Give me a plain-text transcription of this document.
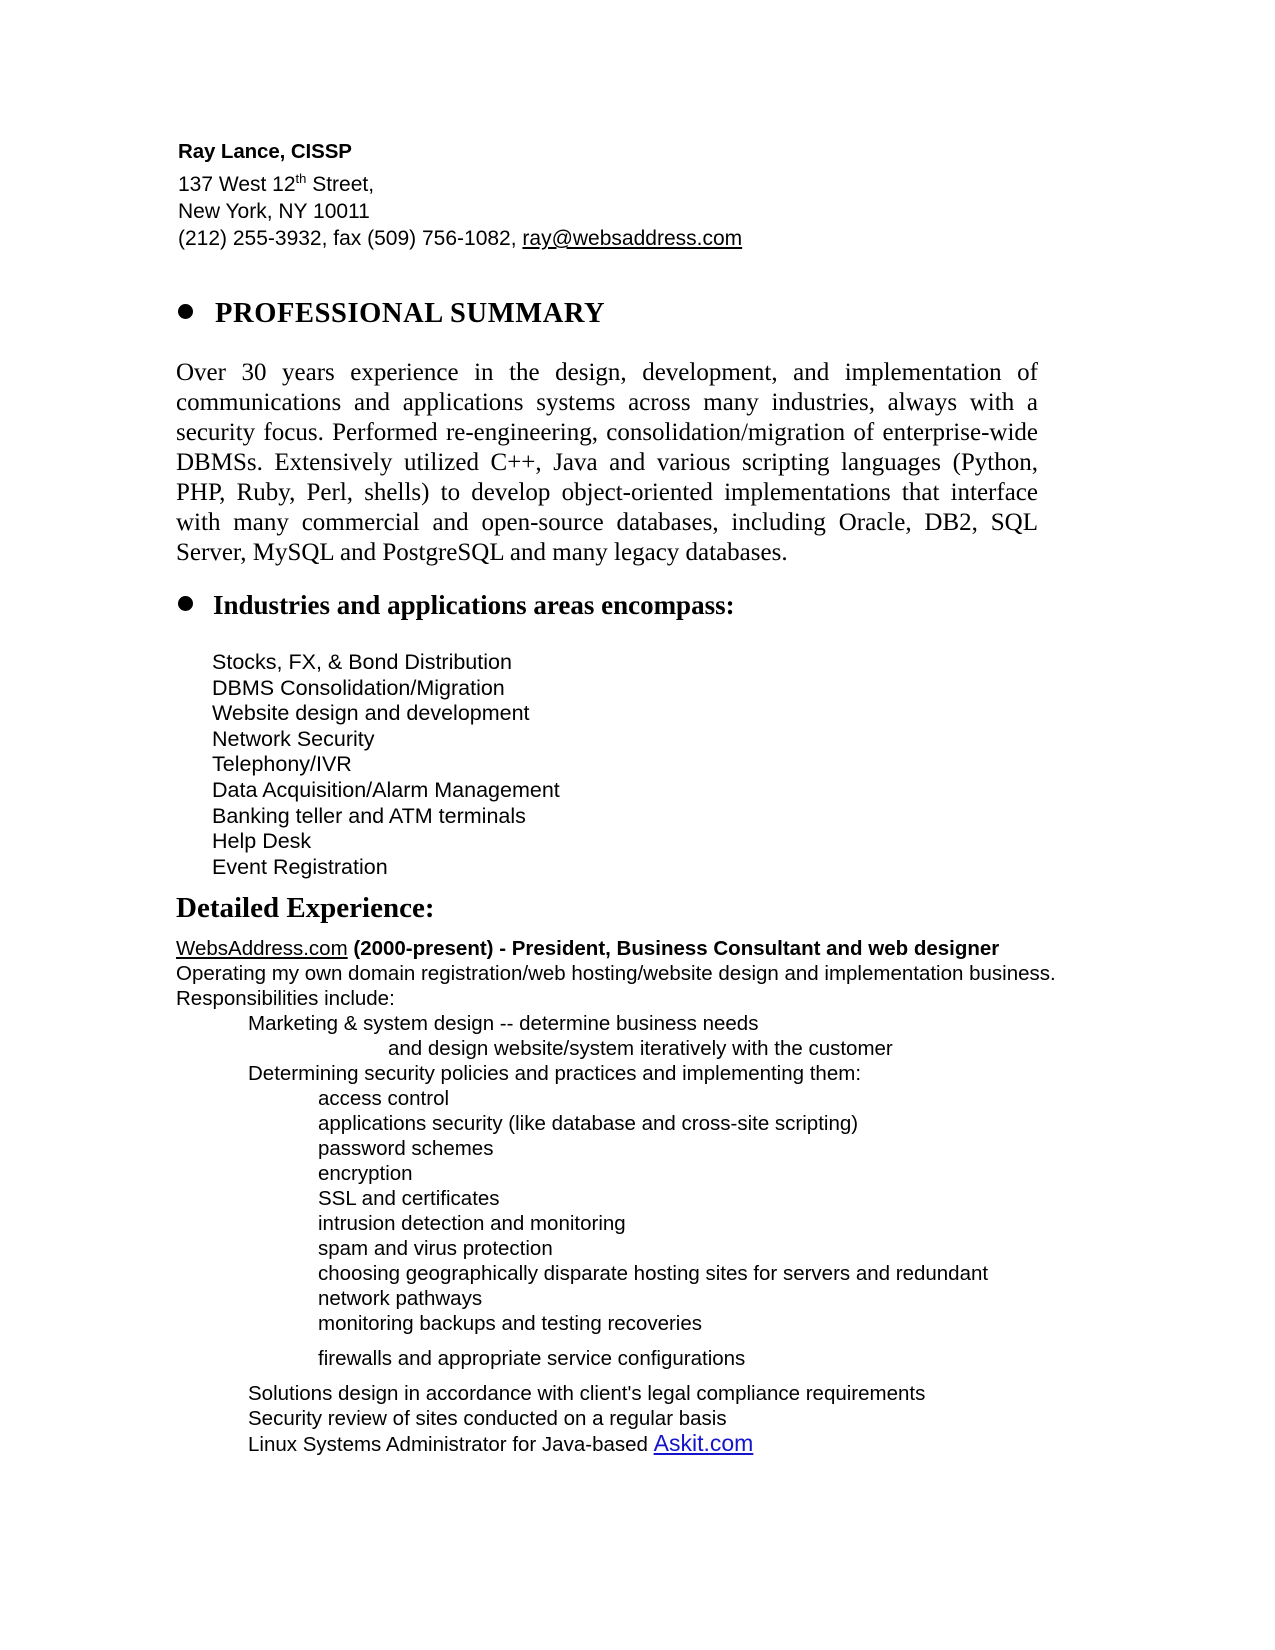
Ray Lance, CISSP
137 West 12th Street,
New York, NY 10011
(212) 255-3932, fax (509) 756-1082, ray@websaddress.com
PROFESSIONAL SUMMARY

Over 30 years experience in the design, development, and implementation of communications and applications systems across many industries, always with a security focus. Performed re-engineering, consolidation/migration of enterprise-wide DBMSs. Extensively utilized C++, Java and various scripting languages (Python, PHP, Ruby, Perl, shells) to develop object-oriented implementations that interface with many commercial and open-source databases, including Oracle, DB2, SQL Server, MySQL and PostgreSQL and many legacy databases.

Industries and applications areas encompass:
Stocks, FX, & Bond Distribution
DBMS Consolidation/Migration
Website design and development
Network Security
Telephony/IVR
Data Acquisition/Alarm Management
Banking teller and ATM terminals
Help Desk
Event Registration
Detailed Experience:
WebsAddress.com (2000-present) - President, Business Consultant and web designer
Operating my own domain registration/web hosting/website design and implementation business.
Responsibilities include:
Marketing & system design -- determine business needs
and design website/system iteratively with the customer
Determining security policies and practices and implementing them:
access control
applications security (like database and cross-site scripting)
password schemes
encryption
SSL and certificates
intrusion detection and monitoring
spam and virus protection
choosing geographically disparate hosting sites for servers and redundant
network pathways
monitoring backups and testing recoveries
firewalls and appropriate service configurations
Solutions design in accordance with client's legal compliance requirements
Security review of sites conducted on a regular basis
Linux Systems Administrator for Java-based Askit.com
